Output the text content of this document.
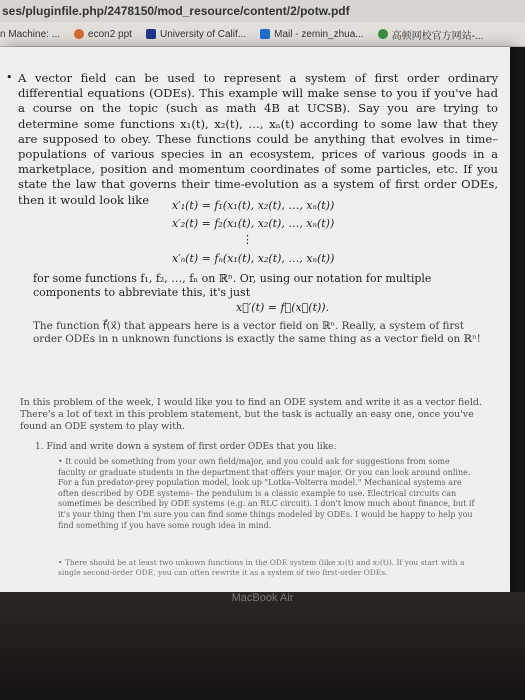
ses/pluginfile.php/2478150/mod_resource/content/2/potw.pdf
n Machine: ...	econ2 ppt	University of Calif...	Mail - zemin_zhua...	高顿网校官方网站-...
• A vector field can be used to represent a system of first order ordinary differential equations (ODEs). This example will make sense to you if you've had a course on the topic (such as math 4B at UCSB). Say you are trying to determine some functions x₁(t), x₂(t), …, xₙ(t) according to some law that they are supposed to obey. These functions could be anything that evolves in time– populations of various species in an ecosystem, prices of various goods in a marketplace, position and momentum coordinates of some particles, etc. If you state the law that governs their time-evolution as a system of first order ODEs, then it would look like	x′₁(t) = f₁(x₁(t), x₂(t), …, xₙ(t))
x′₂(t) = f₂(x₁(t), x₂(t), …, xₙ(t))
⋮
x′ₙ(t) = fₙ(x₁(t), x₂(t), …, xₙ(t))
for some functions f₁, f₂, …, fₙ on ℝⁿ. Or, using our notation for multiple components to abbreviate this, it's just
x⃗′(t) = f⃗(x⃗(t)).
The function f⃗(x⃗) that appears here is a vector field on ℝⁿ. Really, a system of first order ODEs in n unknown functions is exactly the same thing as a vector field on ℝⁿ!
In this problem of the week, I would like you to find an ODE system and write it as a vector field. There's a lot of text in this problem statement, but the task is actually an easy one, once you've found an ODE system to play with.
1. Find and write down a system of first order ODEs that you like.
• It could be something from your own field/major, and you could ask for suggestions from some faculty or graduate students in the department that offers your major. Or you can look around online. For a fun predator-prey population model, look up "Lotka–Volterra model." Mechanical systems are often described by ODE systems– the pendulum is a classic example to use. Electrical circuits can sometimes be described by ODE systems (e.g. an RLC circuit). I don't know much about finance, but if it's your thing then I'm sure you can find some things modeled by ODEs. I would be happy to help you find something if you have some rough idea in mind.
• There should be at least two unkown functions in the ODE system (like x₁(t) and x₂(t)). If you start with a single second-order ODE, you can often rewrite it as a system of two first-order ODEs.
MacBook Air
